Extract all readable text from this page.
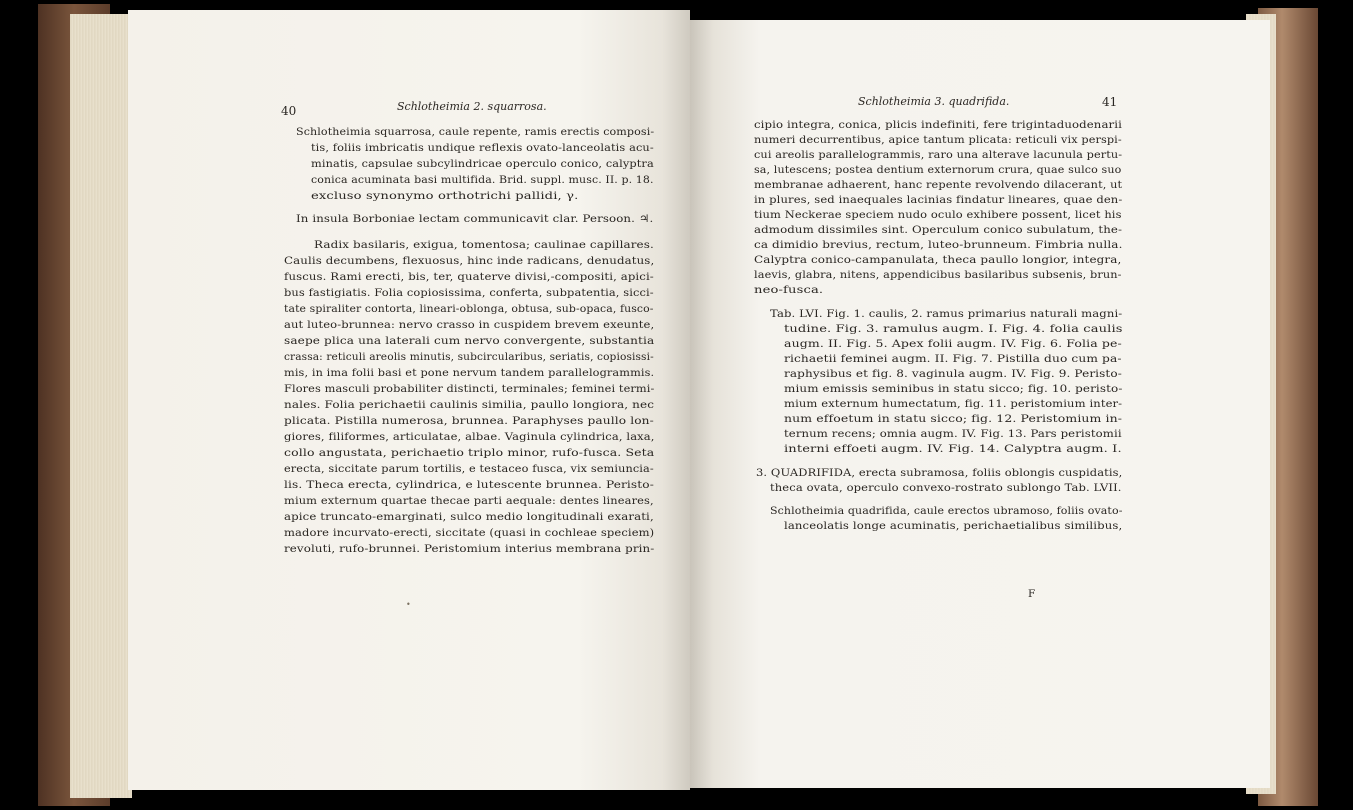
40	Schlotheimia 2. squarrosa.
Schlotheimia squarrosa, caule repente, ramis erectis composi-
tis, foliis imbricatis undique reflexis ovato-lanceolatis acu-
minatis, capsulae subcylindricae operculo conico, calyptra
conica acuminata basi multifida. Brid. suppl. musc. II. p. 18.
excluso synonymo orthotrichi pallidi, γ.
In insula Borboniae lectam communicavit clar. Persoon. ♃.
Radix basilaris, exigua, tomentosa; caulinae capillares.
Caulis decumbens, flexuosus, hinc inde radicans, denudatus,
fuscus. Rami erecti, bis, ter, quaterve divisi,-compositi, apici-
bus fastigiatis. Folia copiosissima, conferta, subpatentia, sicci-
tate spiraliter contorta, lineari-oblonga, obtusa, sub-opaca, fusco-
aut luteo-brunnea: nervo crasso in cuspidem brevem exeunte,
saepe plica una laterali cum nervo convergente, substantia
crassa: reticuli areolis minutis, subcircularibus, seriatis, copiosissi-
mis, in ima folii basi et pone nervum tandem parallelogrammis.
Flores masculi probabiliter distincti, terminales; feminei termi-
nales. Folia perichaetii caulinis similia, paullo longiora, nec
plicata. Pistilla numerosa, brunnea. Paraphyses paullo lon-
giores, filiformes, articulatae, albae. Vaginula cylindrica, laxa,
collo angustata, perichaetio triplo minor, rufo-fusca. Seta
erecta, siccitate parum tortilis, e testaceo fusca, vix semiuncia-
lis. Theca erecta, cylindrica, e lutescente brunnea. Peristo-
mium externum quartae thecae parti aequale: dentes lineares,
apice truncato-emarginati, sulco medio longitudinali exarati,
madore incurvato-erecti, siccitate (quasi in cochleae speciem)
revoluti, rufo-brunnei. Peristomium interius membrana prin-
•
Schlotheimia 3. quadrifida.	41
cipio integra, conica, plicis indefiniti, fere trigintaduodenarii
numeri decurrentibus, apice tantum plicata: reticuli vix perspi-
cui areolis parallelogrammis, raro una alterave lacunula pertu-
sa, lutescens; postea dentium externorum crura, quae sulco suo
membranae adhaerent, hanc repente revolvendo dilacerant, ut
in plures, sed inaequales lacinias findatur lineares, quae den-
tium Neckerae speciem nudo oculo exhibere possent, licet his
admodum dissimiles sint. Operculum conico subulatum, the-
ca dimidio brevius, rectum, luteo-brunneum. Fimbria nulla.
Calyptra conico-campanulata, theca paullo longior, integra,
laevis, glabra, nitens, appendicibus basilaribus subsenis, brun-
neo-fusca.
Tab. LVI. Fig. 1. caulis, 2. ramus primarius naturali magni-
tudine. Fig. 3. ramulus augm. I. Fig. 4. folia caulis
augm. II. Fig. 5. Apex folii augm. IV. Fig. 6. Folia pe-
richaetii feminei augm. II. Fig. 7. Pistilla duo cum pa-
raphysibus et fig. 8. vaginula augm. IV. Fig. 9. Peristo-
mium emissis seminibus in statu sicco; fig. 10. peristo-
mium externum humectatum, fig. 11. peristomium inter-
num effoetum in statu sicco; fig. 12. Peristomium in-
ternum recens; omnia augm. IV. Fig. 13. Pars peristomii
interni effoeti augm. IV. Fig. 14. Calyptra augm. I.
3. QUADRIFIDA, erecta subramosa, foliis oblongis cuspidatis,
theca ovata, operculo convexo-rostrato sublongo Tab. LVII.
Schlotheimia quadrifida, caule erectos ubramoso, foliis ovato-
lanceolatis longe acuminatis, perichaetialibus similibus,
F
